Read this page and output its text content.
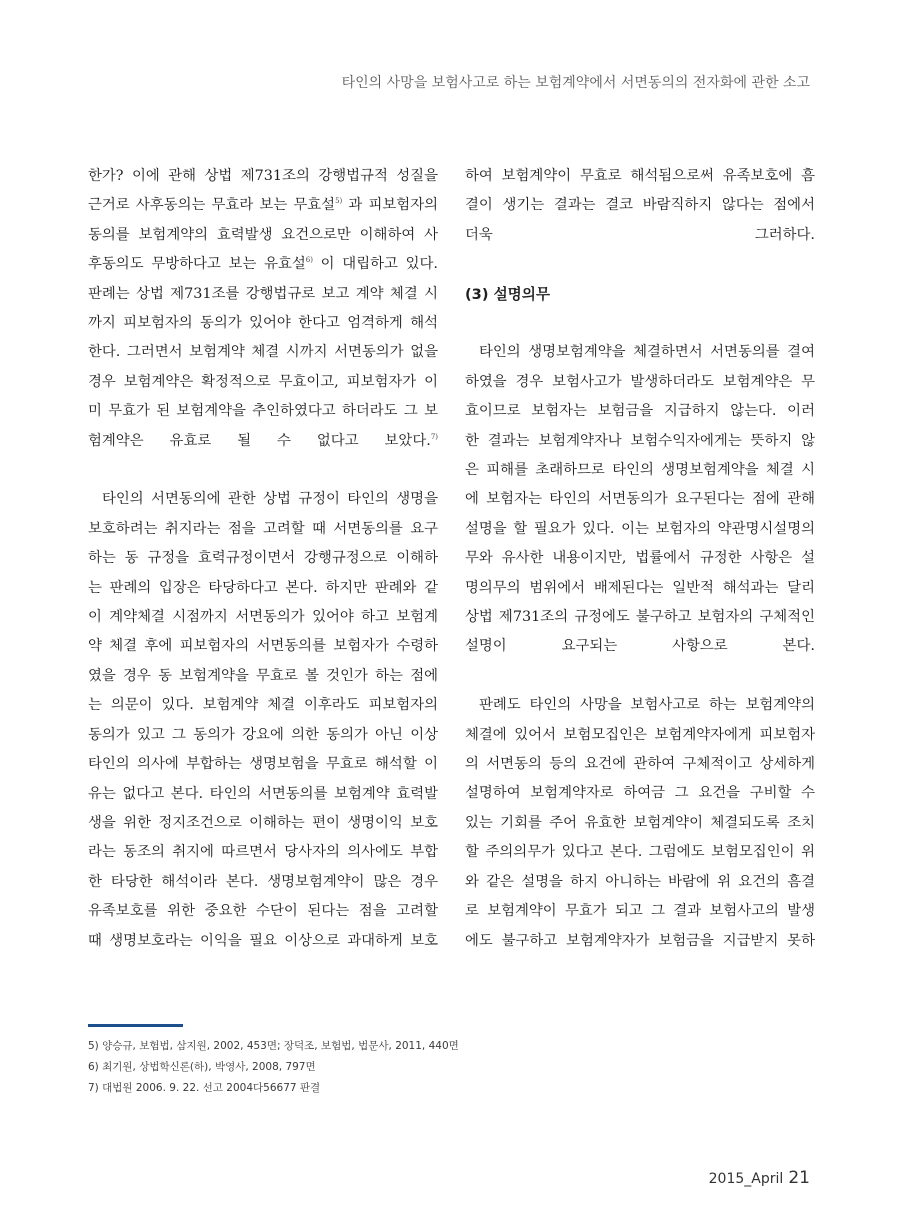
타인의 사망을 보험사고로 하는 보험계약에서 서면동의의 전자화에 관한 소고
한가? 이에 관해 상법 제731조의 강행법규적 성질을
근거로 사후동의는 무효라 보는 무효설$^{5)}$ 과 피보험자의
동의를 보험계약의 효력발생 요건으로만 이해하여 사
후동의도 무방하다고 보는 유효설$^{6)}$ 이 대립하고 있다.
판례는 상법 제731조를 강행법규로 보고 계약 체결 시
까지 피보험자의 동의가 있어야 한다고 엄격하게 해석
한다. 그러면서 보험계약 체결 시까지 서면동의가 없을
경우 보험계약은 확정적으로 무효이고, 피보험자가 이
미 무효가 된 보험계약을 추인하였다고 하더라도 그 보
험계약은 유효로 될 수 없다고 보았다.$^{7)}$
타인의 서면동의에 관한 상법 규정이 타인의 생명을
보호하려는 취지라는 점을 고려할 때 서면동의를 요구
하는 동 규정을 효력규정이면서 강행규정으로 이해하
는 판례의 입장은 타당하다고 본다. 하지만 판례와 같
이 계약체결 시점까지 서면동의가 있어야 하고 보험계
약 체결 후에 피보험자의 서면동의를 보험자가 수령하
였을 경우 동 보험계약을 무효로 볼 것인가 하는 점에
는 의문이 있다. 보험계약 체결 이후라도 피보험자의
동의가 있고 그 동의가 강요에 의한 동의가 아닌 이상
타인의 의사에 부합하는 생명보험을 무효로 해석할 이
유는 없다고 본다. 타인의 서면동의를 보험계약 효력발
생을 위한 정지조건으로 이해하는 편이 생명이익 보호
라는 동조의 취지에 따르면서 당사자의 의사에도 부합
한 타당한 해석이라 본다. 생명보험계약이 많은 경우
유족보호를 위한 중요한 수단이 된다는 점을 고려할
때 생명보호라는 이익을 필요 이상으로 과대하게 보호
하여 보험계약이 무효로 해석됨으로써 유족보호에 흠
결이 생기는 결과는 결코 바람직하지 않다는 점에서
더욱 그러하다.
(3) 설명의무
타인의 생명보험계약을 체결하면서 서면동의를 결여
하였을 경우 보험사고가 발생하더라도 보험계약은 무
효이므로 보험자는 보험금을 지급하지 않는다. 이러
한 결과는 보험계약자나 보험수익자에게는 뜻하지 않
은 피해를 초래하므로 타인의 생명보험계약을 체결 시
에 보험자는 타인의 서면동의가 요구된다는 점에 관해
설명을 할 필요가 있다. 이는 보험자의 약관명시설명의
무와 유사한 내용이지만, 법률에서 규정한 사항은 설
명의무의 범위에서 배제된다는 일반적 해석과는 달리
상법 제731조의 규정에도 불구하고 보험자의 구체적인
설명이 요구되는 사항으로 본다.
판례도 타인의 사망을 보험사고로 하는 보험계약의
체결에 있어서 보험모집인은 보험계약자에게 피보험자
의 서면동의 등의 요건에 관하여 구체적이고 상세하게
설명하여 보험계약자로 하여금 그 요건을 구비할 수
있는 기회를 주어 유효한 보험계약이 체결되도록 조치
할 주의의무가 있다고 본다. 그럼에도 보험모집인이 위
와 같은 설명을 하지 아니하는 바람에 위 요건의 흠결
로 보험계약이 무효가 되고 그 결과 보험사고의 발생
에도 불구하고 보험계약자가 보험금을 지급받지 못하
5) 양승규, 보험법, 삼지원, 2002, 453면; 장덕조, 보험법, 법문사, 2011, 440면
6) 최기원, 상법학신론(하), 박영사, 2008, 797면
7) 대법원 2006. 9. 22. 선고 2004다56677 판결
2015_April 21
